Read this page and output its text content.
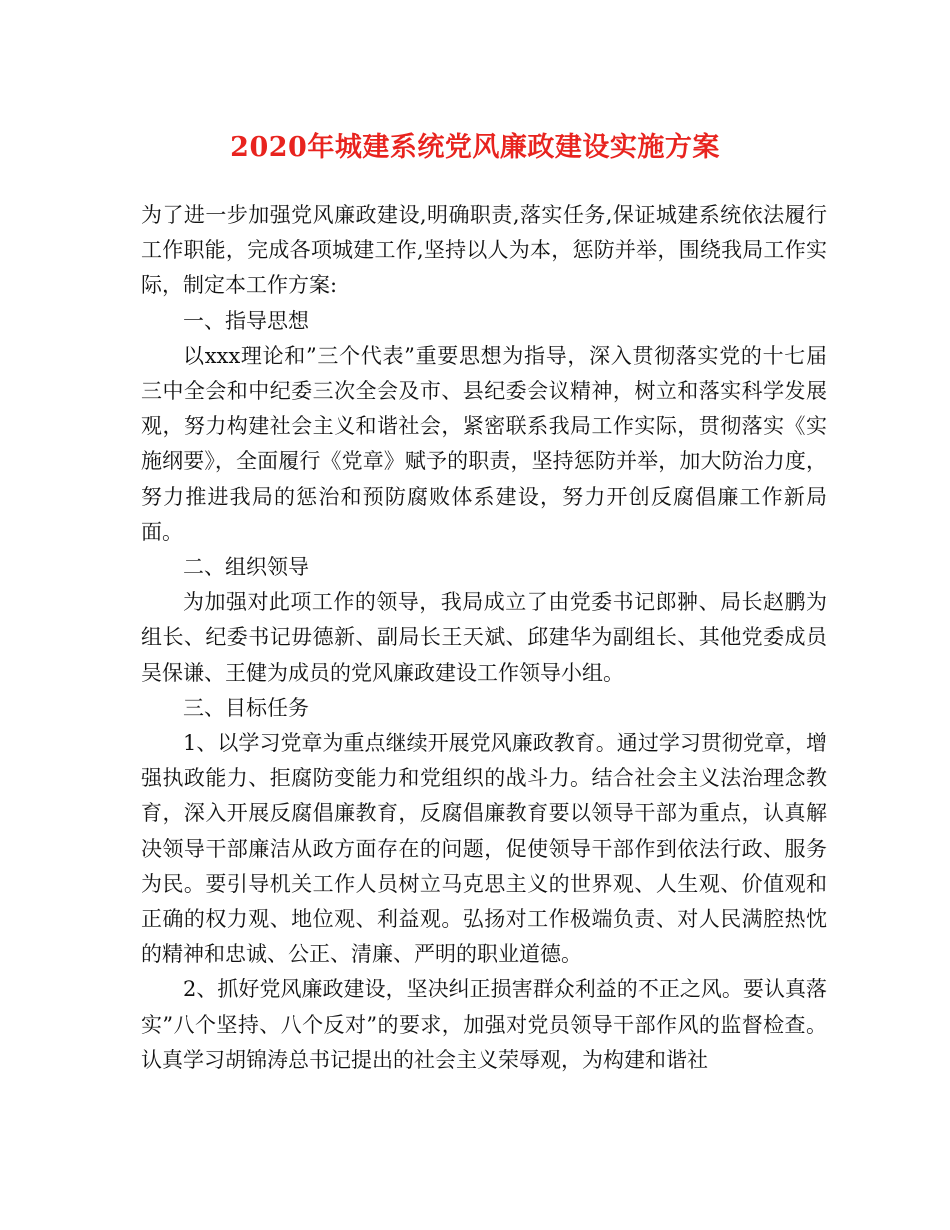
2020年城建系统党风廉政建设实施方案

为了进一步加强党风廉政建设,明确职责,落实任务,保证城建系统依法履行工作职能，完成各项城建工作,坚持以人为本，惩防并举，围绕我局工作实际，制定本工作方案:

一、指导思想

以xxx理论和”三个代表”重要思想为指导，深入贯彻落实党的十七届三中全会和中纪委三次全会及市、县纪委会议精神，树立和落实科学发展观，努力构建社会主义和谐社会，紧密联系我局工作实际，贯彻落实《实施纲要》，全面履行《党章》赋予的职责，坚持惩防并举，加大防治力度，努力推进我局的惩治和预防腐败体系建设，努力开创反腐倡廉工作新局面。

二、组织领导

为加强对此项工作的领导，我局成立了由党委书记郎翀、局长赵鹏为组长、纪委书记毋德新、副局长王天斌、邱建华为副组长、其他党委成员吴保谦、王健为成员的党风廉政建设工作领导小组。

三、目标任务

1、以学习党章为重点继续开展党风廉政教育。通过学习贯彻党章，增强执政能力、拒腐防变能力和党组织的战斗力。结合社会主义法治理念教育，深入开展反腐倡廉教育，反腐倡廉教育要以领导干部为重点，认真解决领导干部廉洁从政方面存在的问题，促使领导干部作到依法行政、服务为民。要引导机关工作人员树立马克思主义的世界观、人生观、价值观和正确的权力观、地位观、利益观。弘扬对工作极端负责、对人民满腔热忱的精神和忠诚、公正、清廉、严明的职业道德。

2、抓好党风廉政建设，坚决纠正损害群众利益的不正之风。要认真落实”八个坚持、八个反对”的要求，加强对党员领导干部作风的监督检查。认真学习胡锦涛总书记提出的社会主义荣辱观，为构建和谐社
